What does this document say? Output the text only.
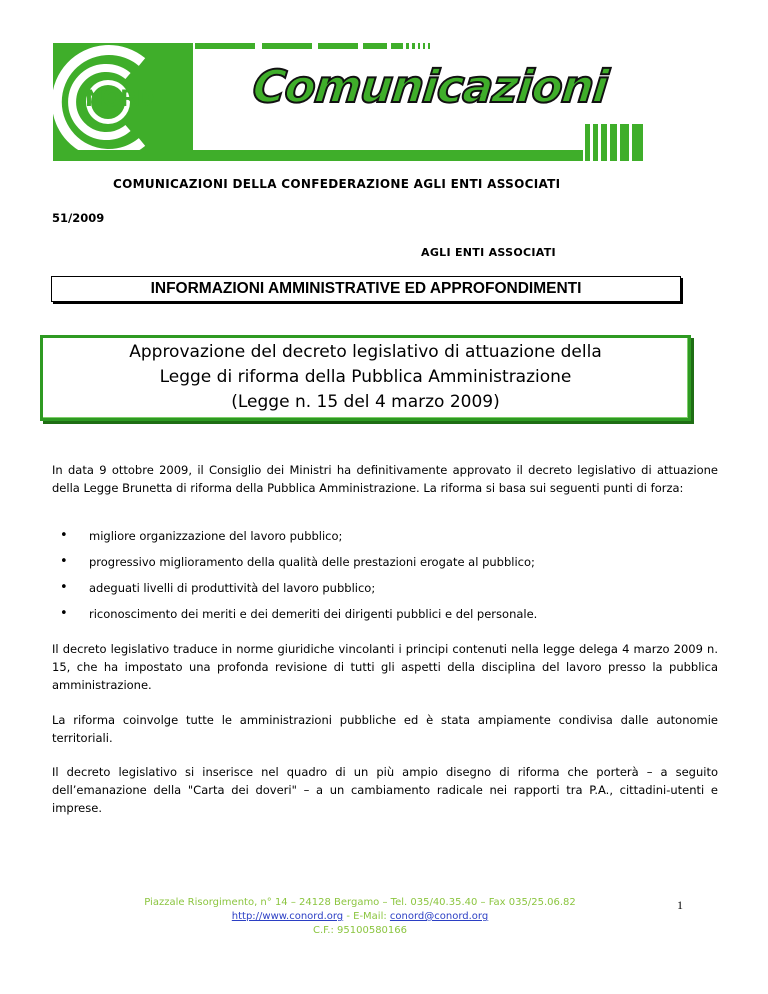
NORD Comunicazioni
COMUNICAZIONI DELLA CONFEDERAZIONE AGLI ENTI ASSOCIATI
51/2009
AGLI ENTI ASSOCIATI
INFORMAZIONI AMMINISTRATIVE ED APPROFONDIMENTI
Approvazione del decreto legislativo di attuazione della
Legge di riforma della Pubblica Amministrazione
(Legge n. 15 del 4 marzo 2009)
In data 9 ottobre 2009, il Consiglio dei Ministri ha definitivamente approvato il decreto legislativo di attuazione della Legge Brunetta di riforma della Pubblica Amministrazione. La riforma si basa sui seguenti punti di forza:
• migliore organizzazione del lavoro pubblico;
• progressivo miglioramento della qualità delle prestazioni erogate al pubblico;
• adeguati livelli di produttività del lavoro pubblico;
• riconoscimento dei meriti e dei demeriti dei dirigenti pubblici e del personale.
Il decreto legislativo traduce in norme giuridiche vincolanti i principi contenuti nella legge delega 4 marzo 2009 n. 15, che ha impostato una profonda revisione di tutti gli aspetti della disciplina del lavoro presso la pubblica amministrazione.
La riforma coinvolge tutte le amministrazioni pubbliche ed è stata ampiamente condivisa dalle autonomie territoriali.
Il decreto legislativo si inserisce nel quadro di un più ampio disegno di riforma che porterà – a seguito dell’emanazione della "Carta dei doveri" – a un cambiamento radicale nei rapporti tra P.A., cittadini-utenti e imprese.
Piazzale Risorgimento, n° 14 – 24128 Bergamo – Tel. 035/40.35.40 – Fax 035/25.06.82
http://www.conord.org - E-Mail: conord@conord.org
C.F.: 95100580166
1
